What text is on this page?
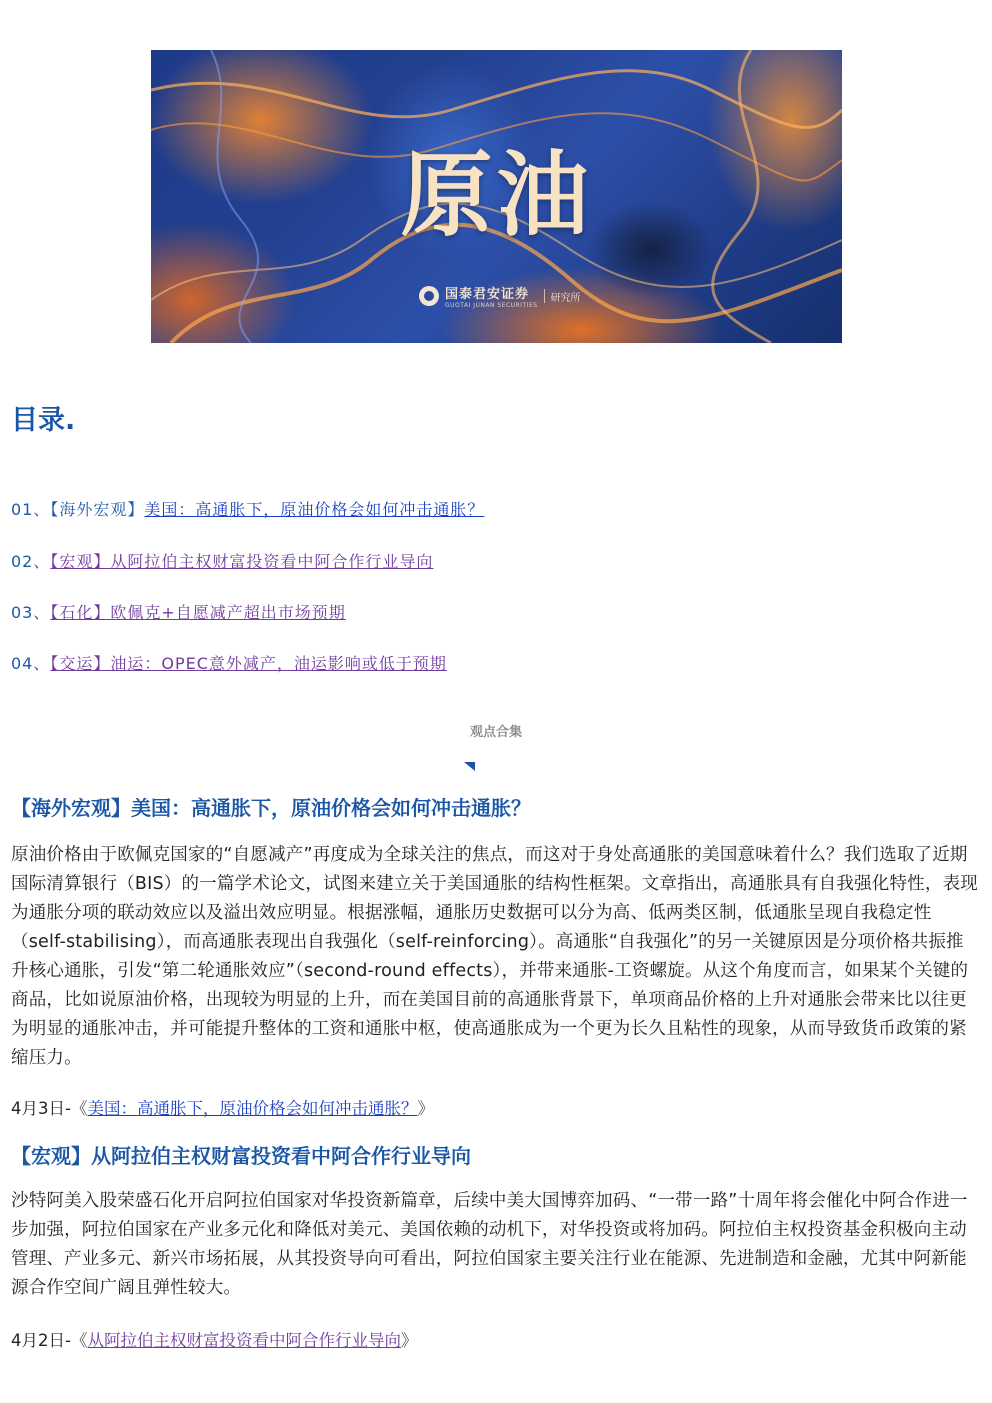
原油
国泰君安证券
GUOTAI JUNAN SECURITIES
研究所
目录.
01、【海外宏观】美国：高通胀下，原油价格会如何冲击通胀？
02、【宏观】从阿拉伯主权财富投资看中阿合作行业导向
03、【石化】欧佩克+自愿减产超出市场预期
04、【交运】油运：OPEC意外减产，油运影响或低于预期
观点合集
【海外宏观】美国：高通胀下，原油价格会如何冲击通胀？

原油价格由于欧佩克国家的“自愿减产”再度成为全球关注的焦点，而这对于身处高通胀的美国意味着什么？我们选取了近期国际清算银行（BIS）的一篇学术论文，试图来建立关于美国通胀的结构性框架。文章指出，高通胀具有自我强化特性，表现为通胀分项的联动效应以及溢出效应明显。根据涨幅，通胀历史数据可以分为高、低两类区制，低通胀呈现自我稳定性（self-stabilising），而高通胀表现出自我强化（self-reinforcing）。高通胀“自我强化”的另一关键原因是分项价格共振推升核心通胀，引发“第二轮通胀效应”（second-round effects），并带来通胀-工资螺旋。从这个角度而言，如果某个关键的商品，比如说原油价格，出现较为明显的上升，而在美国目前的高通胀背景下，单项商品价格的上升对通胀会带来比以往更为明显的通胀冲击，并可能提升整体的工资和通胀中枢，使高通胀成为一个更为长久且粘性的现象，从而导致货币政策的紧缩压力。

4月3日-《美国：高通胀下，原油价格会如何冲击通胀？》
【宏观】从阿拉伯主权财富投资看中阿合作行业导向

沙特阿美入股荣盛石化开启阿拉伯国家对华投资新篇章，后续中美大国博弈加码、“一带一路”十周年将会催化中阿合作进一步加强，阿拉伯国家在产业多元化和降低对美元、美国依赖的动机下，对华投资或将加码。阿拉伯主权投资基金积极向主动管理、产业多元、新兴市场拓展，从其投资导向可看出，阿拉伯国家主要关注行业在能源、先进制造和金融，尤其中阿新能源合作空间广阔且弹性较大。

4月2日-《从阿拉伯主权财富投资看中阿合作行业导向》
